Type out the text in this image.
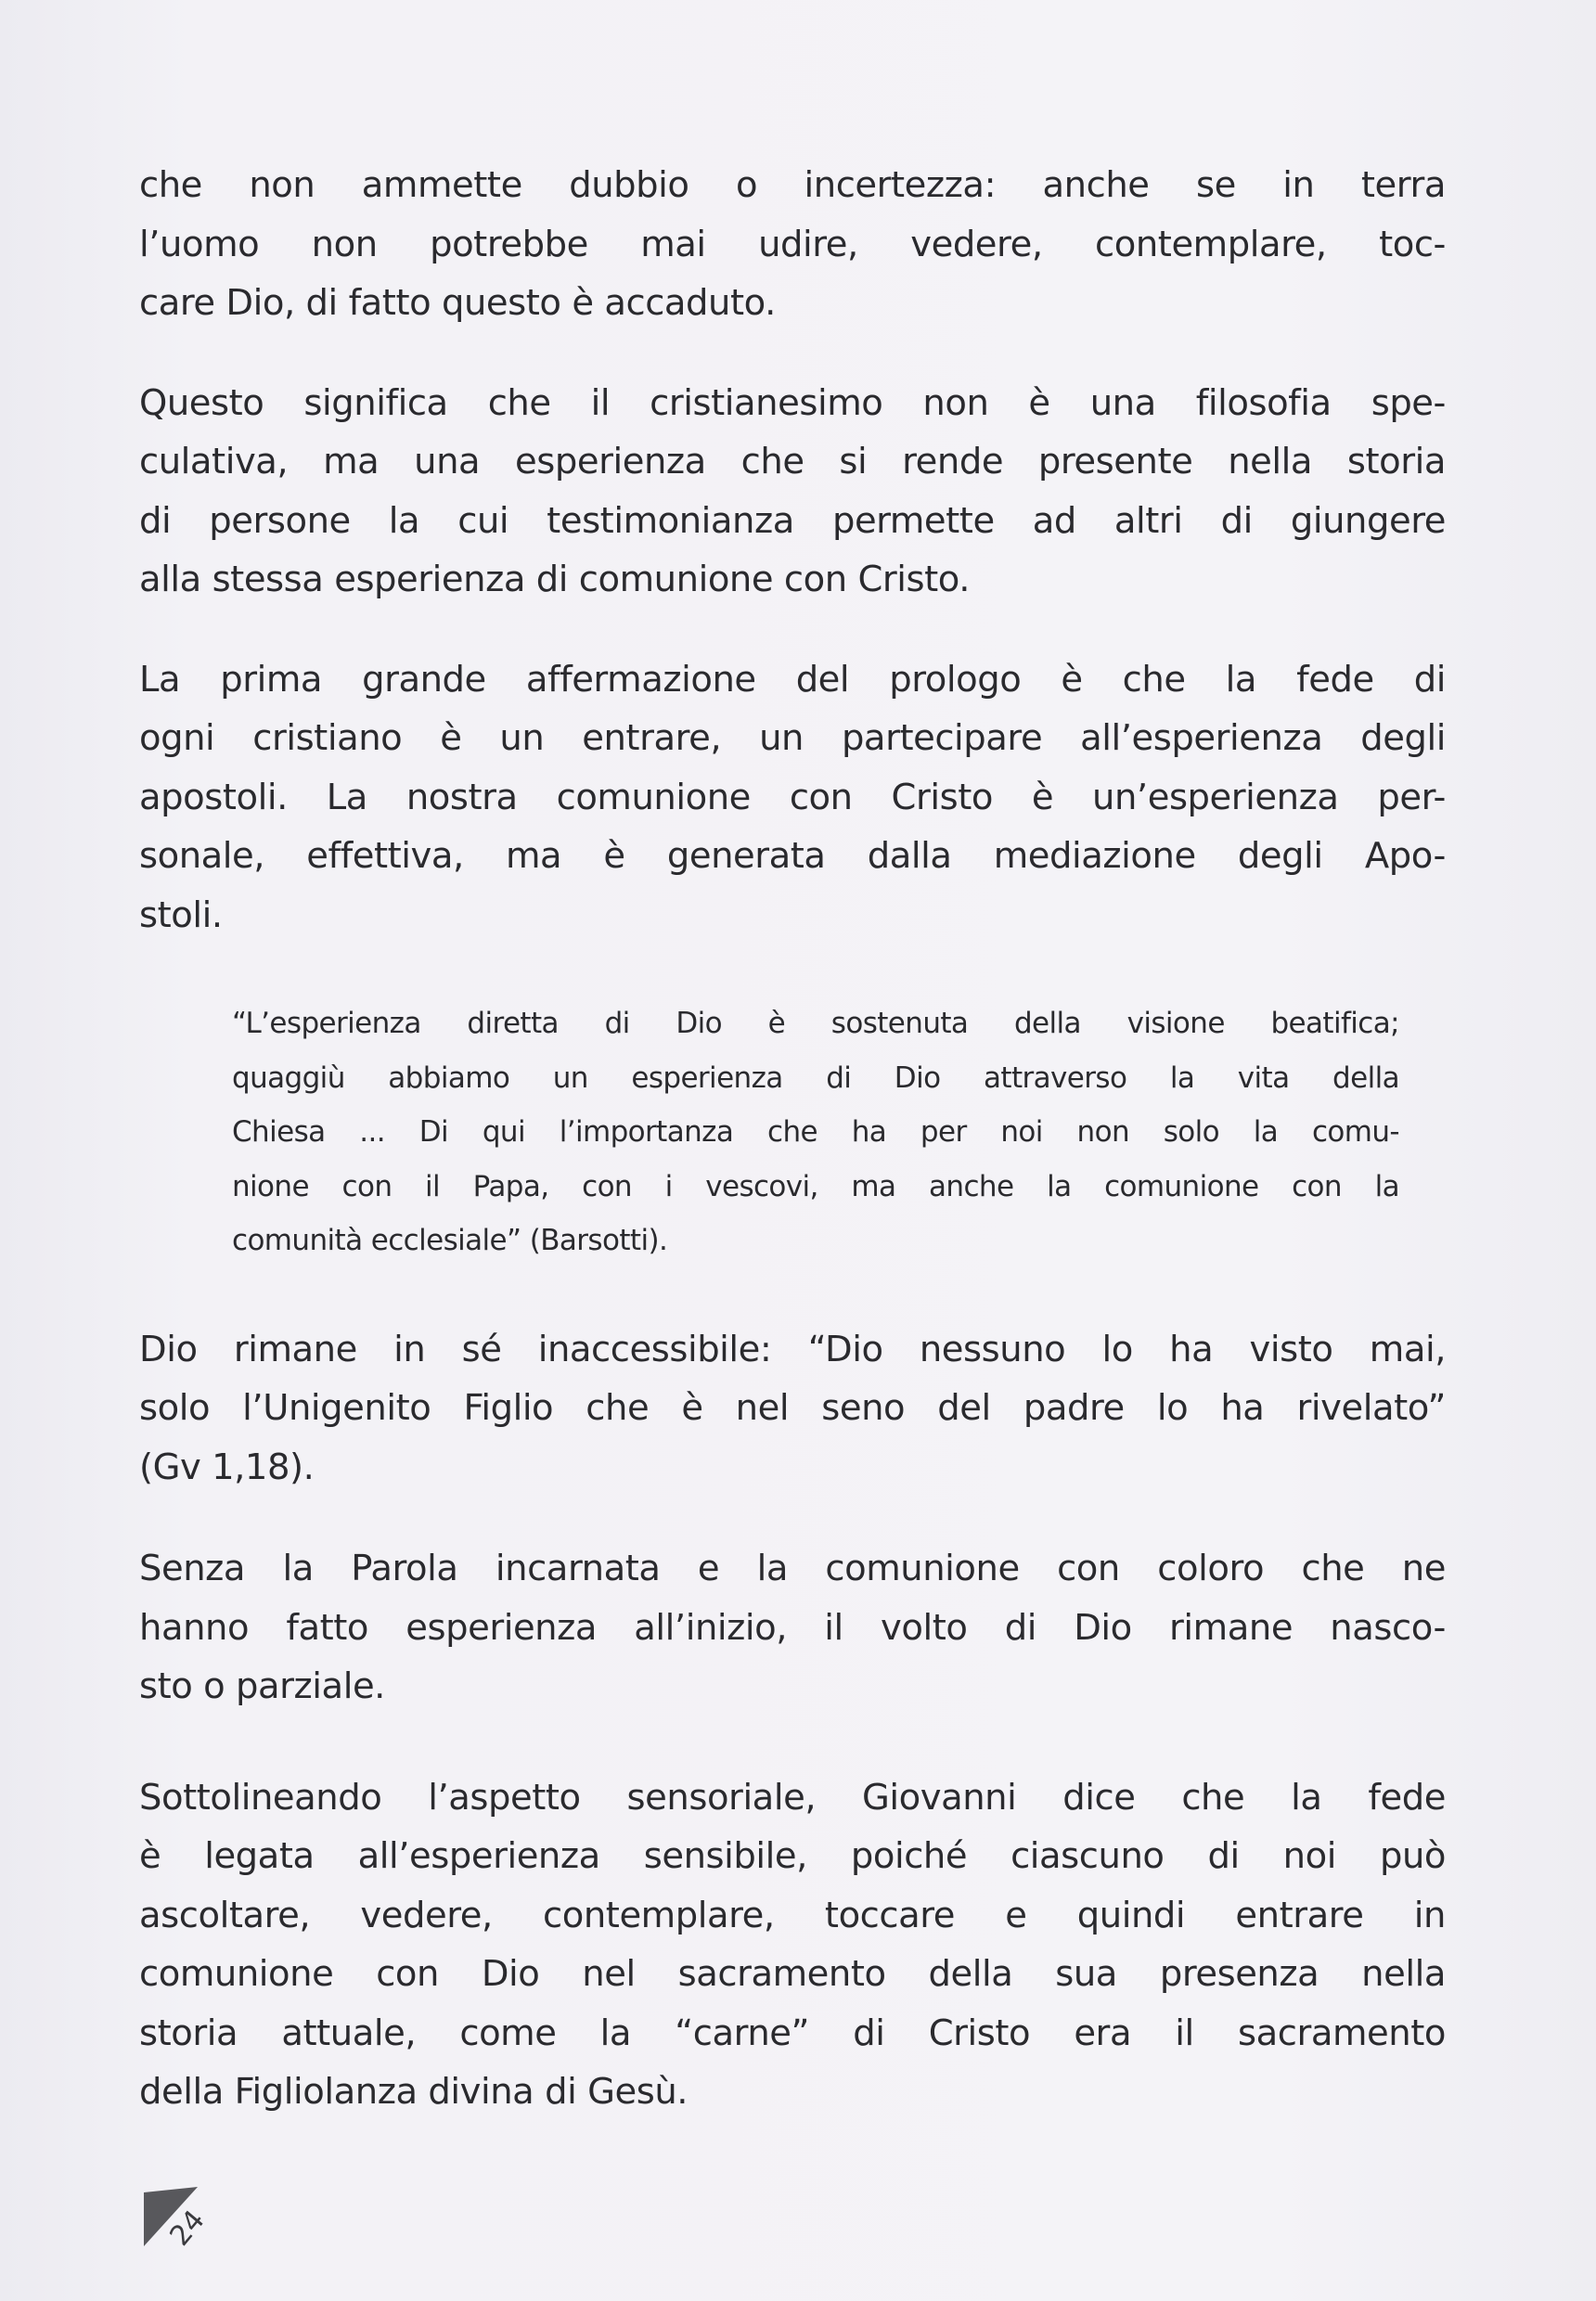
che non ammette dubbio o incertezza: anche se in terra
l’uomo non potrebbe mai udire, vedere, contemplare, toc-
care Dio, di fatto questo è accaduto.

Questo significa che il cristianesimo non è una filosofia spe-
culativa, ma una esperienza che si rende presente nella storia
di persone la cui testimonianza permette ad altri di giungere
alla stessa esperienza di comunione con Cristo.

La prima grande affermazione del prologo è che la fede di
ogni cristiano è un entrare, un partecipare all’esperienza degli
apostoli. La nostra comunione con Cristo è un’esperienza per-
sonale, effettiva, ma è generata dalla mediazione degli Apo-
stoli.

“L’esperienza diretta di Dio è sostenuta della visione beatifica;
quaggiù abbiamo un esperienza di Dio attraverso la vita della
Chiesa ... Di qui l’importanza che ha per noi non solo la comu-
nione con il Papa, con i vescovi, ma anche la comunione con la
comunità ecclesiale” (Barsotti).

Dio rimane in sé inaccessibile: “Dio nessuno lo ha visto mai,
solo l’Unigenito Figlio che è nel seno del padre lo ha rivelato”
(Gv 1,18).

Senza la Parola incarnata e la comunione con coloro che ne
hanno fatto esperienza all’inizio, il volto di Dio rimane nasco-
sto o parziale.

Sottolineando l’aspetto sensoriale, Giovanni dice che la fede
è legata all’esperienza sensibile, poiché ciascuno di noi può
ascoltare, vedere, contemplare, toccare e quindi entrare in
comunione con Dio nel sacramento della sua presenza nella
storia attuale, come la “carne” di Cristo era il sacramento
della Figliolanza divina di Gesù.

24
